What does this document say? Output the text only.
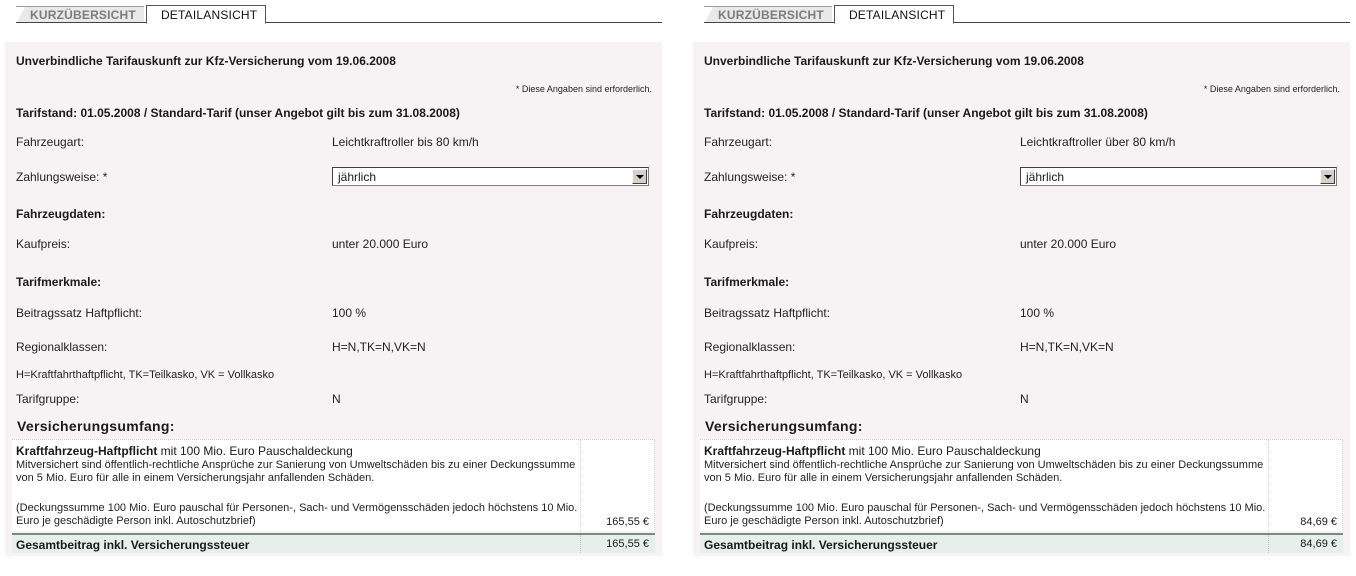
KURZÜBERSICHT	DETAILANSICHT
Unverbindliche Tarifauskunft zur Kfz-Versicherung vom 19.06.2008
* Diese Angaben sind erforderlich.
Tarifstand: 01.05.2008 / Standard-Tarif (unser Angebot gilt bis zum 31.08.2008)
Fahrzeugart:	Leichtkraftroller bis 80 km/h
Zahlungsweise: *	jährlich
Fahrzeugdaten:
Kaufpreis:	unter 20.000 Euro
Tarifmerkmale:
Beitragssatz Haftpflicht:	100 %
Regionalklassen:	H=N,TK=N,VK=N
H=Kraftfahrthaftpflicht, TK=Teilkasko, VK = Vollkasko
Tarifgruppe:	N
Versicherungsumfang:
Kraftfahrzeug-Haftpflicht mit 100 Mio. Euro Pauschaldeckung
Mitversichert sind öffentlich-rechtliche Ansprüche zur Sanierung von Umweltschäden bis zu einer Deckungssumme von 5 Mio. Euro für alle in einem Versicherungsjahr anfallenden Schäden.
(Deckungssumme 100 Mio. Euro pauschal für Personen-, Sach- und Vermögensschäden jedoch höchstens 10 Mio. Euro je geschädigte Person inkl. Autoschutzbrief)	165,55 €
Gesamtbeitrag inkl. Versicherungssteuer	165,55 €
KURZÜBERSICHT	DETAILANSICHT
Unverbindliche Tarifauskunft zur Kfz-Versicherung vom 19.06.2008
* Diese Angaben sind erforderlich.
Tarifstand: 01.05.2008 / Standard-Tarif (unser Angebot gilt bis zum 31.08.2008)
Fahrzeugart:	Leichtkraftroller über 80 km/h
Zahlungsweise: *	jährlich
Fahrzeugdaten:
Kaufpreis:	unter 20.000 Euro
Tarifmerkmale:
Beitragssatz Haftpflicht:	100 %
Regionalklassen:	H=N,TK=N,VK=N
H=Kraftfahrthaftpflicht, TK=Teilkasko, VK = Vollkasko
Tarifgruppe:	N
Versicherungsumfang:
Kraftfahrzeug-Haftpflicht mit 100 Mio. Euro Pauschaldeckung
Mitversichert sind öffentlich-rechtliche Ansprüche zur Sanierung von Umweltschäden bis zu einer Deckungssumme von 5 Mio. Euro für alle in einem Versicherungsjahr anfallenden Schäden.
(Deckungssumme 100 Mio. Euro pauschal für Personen-, Sach- und Vermögensschäden jedoch höchstens 10 Mio. Euro je geschädigte Person inkl. Autoschutzbrief)	84,69 €
Gesamtbeitrag inkl. Versicherungssteuer	84,69 €
